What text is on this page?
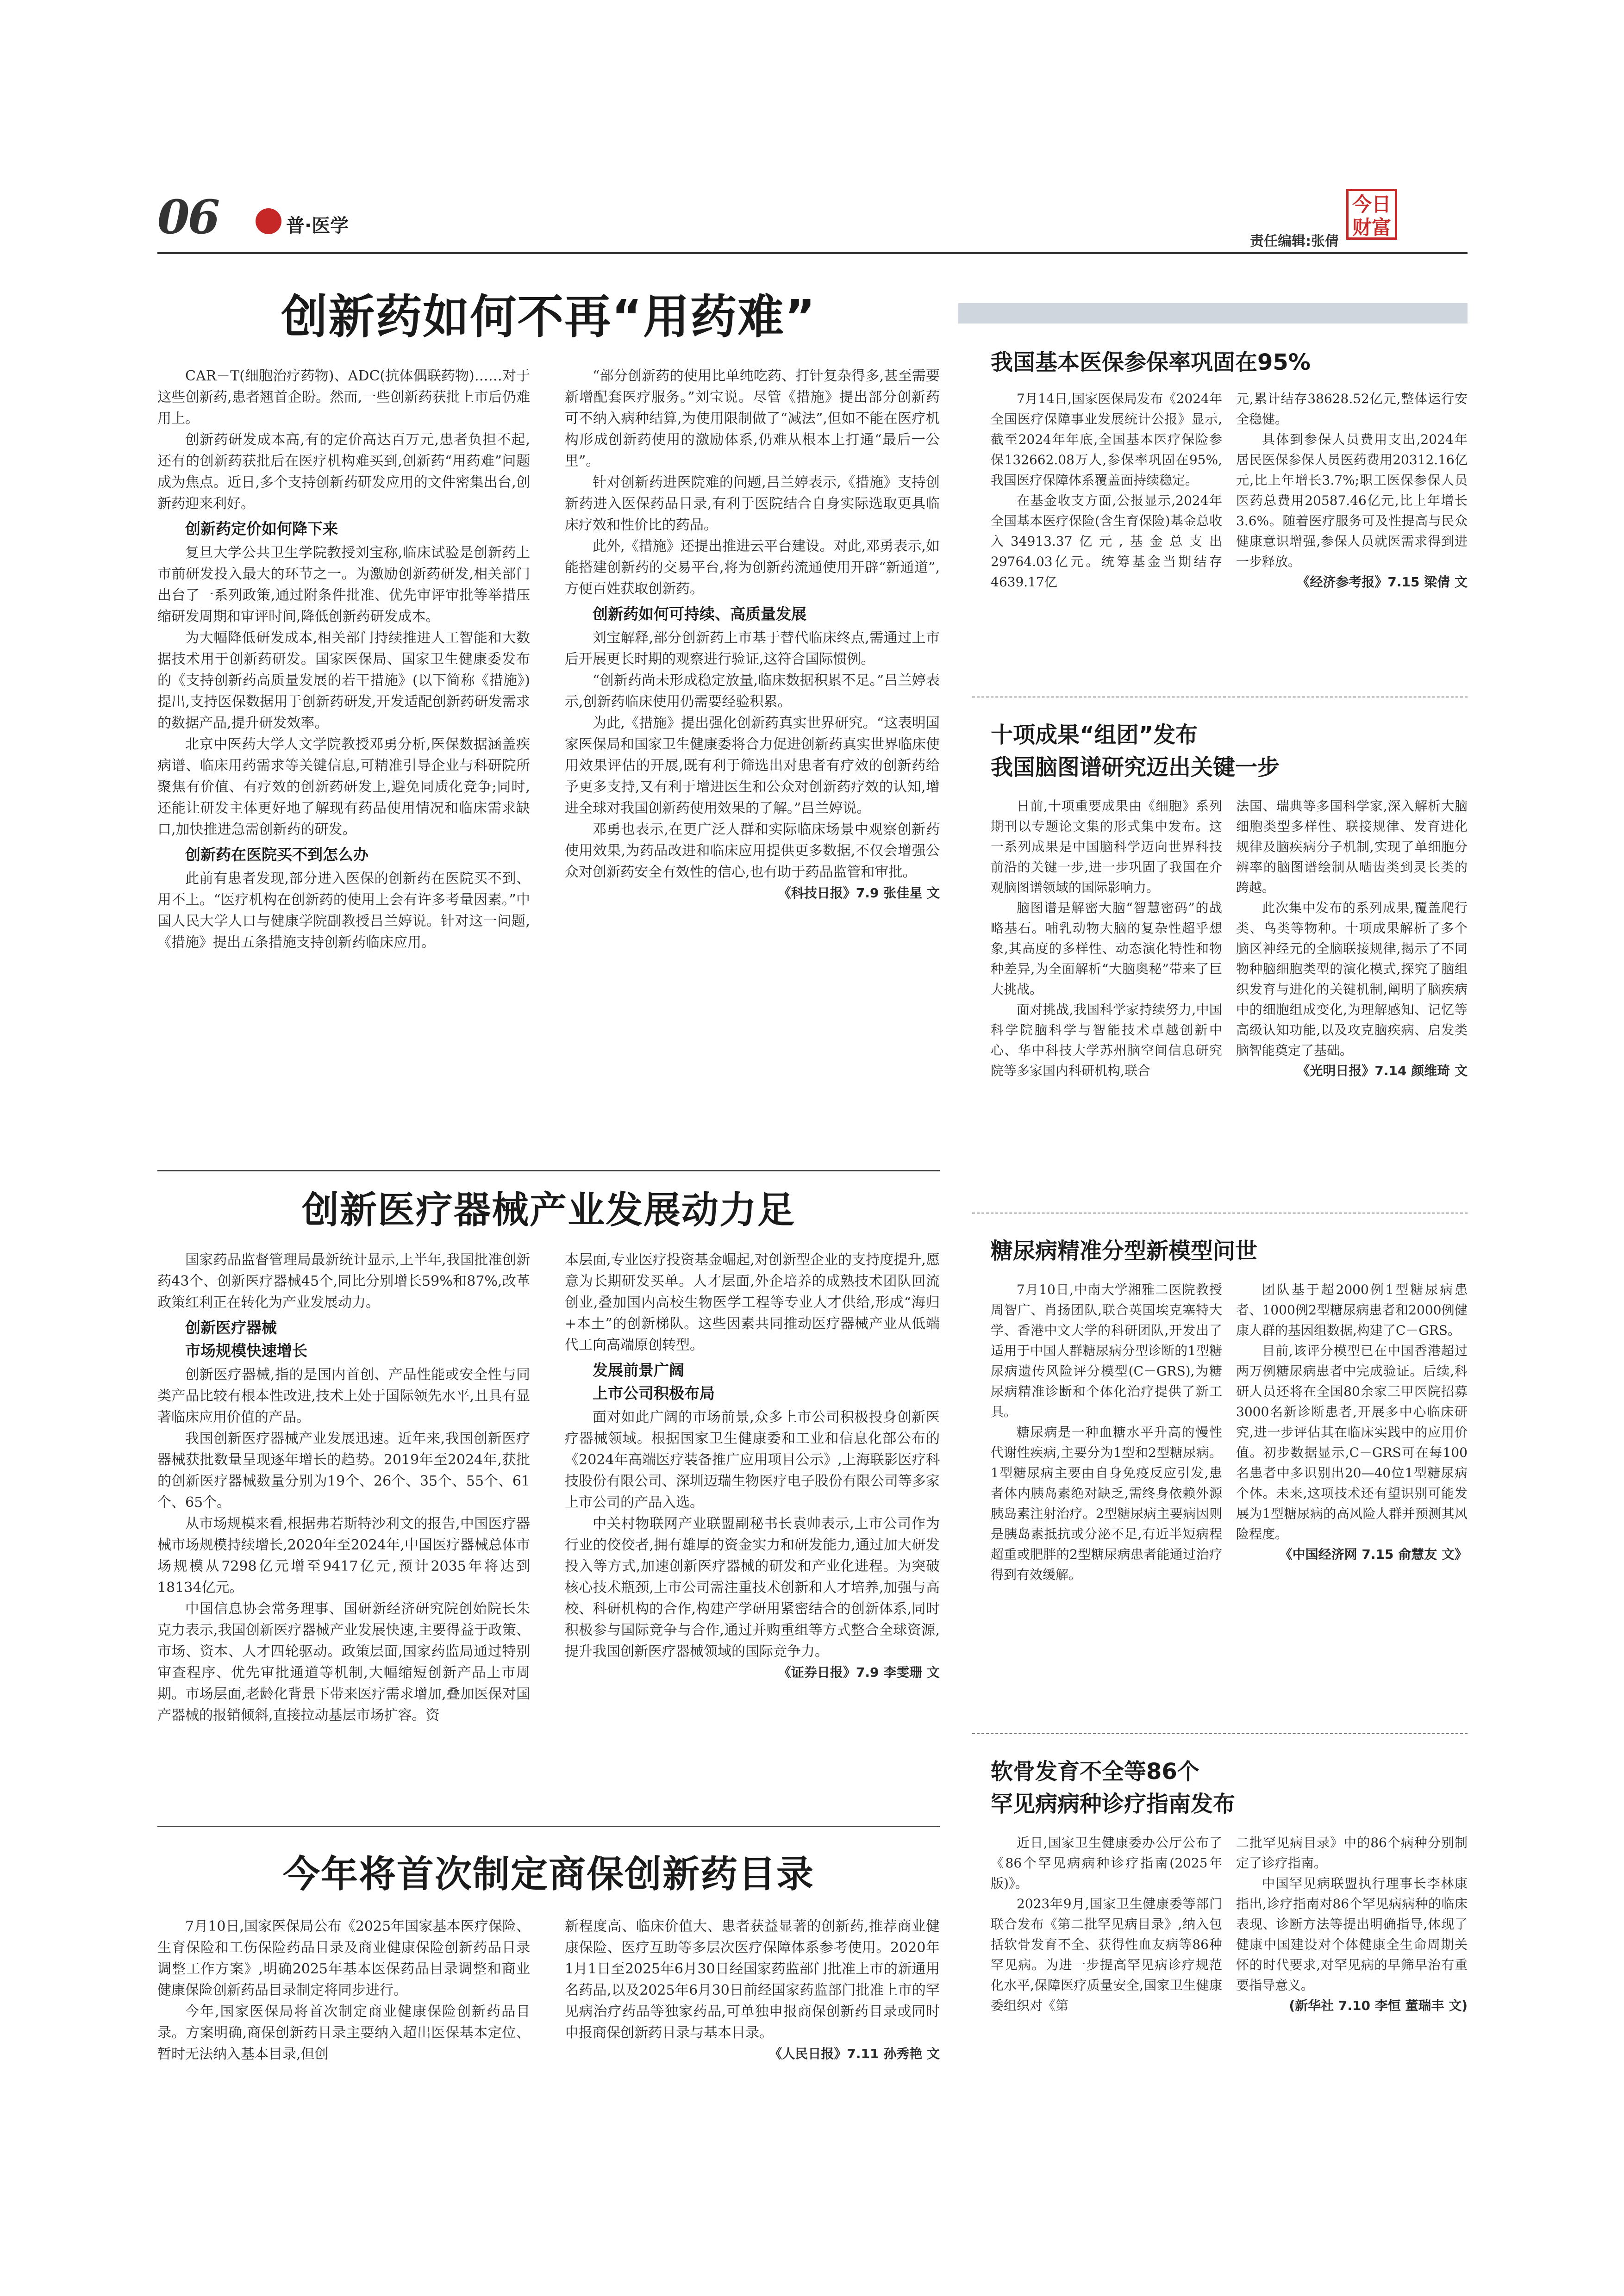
06	普·医学
责任编辑:张倩
今日财富
创新药如何不再“用药难”

CAR－T(细胞治疗药物)、ADC(抗体偶联药物)……对于这些创新药,患者翘首企盼。然而,一些创新药获批上市后仍难用上。

创新药研发成本高,有的定价高达百万元,患者负担不起,还有的创新药获批后在医疗机构难买到,创新药“用药难”问题成为焦点。近日,多个支持创新药研发应用的文件密集出台,创新药迎来利好。

创新药定价如何降下来

复旦大学公共卫生学院教授刘宝称,临床试验是创新药上市前研发投入最大的环节之一。为激励创新药研发,相关部门出台了一系列政策,通过附条件批准、优先审评审批等举措压缩研发周期和审评时间,降低创新药研发成本。

为大幅降低研发成本,相关部门持续推进人工智能和大数据技术用于创新药研发。国家医保局、国家卫生健康委发布的《支持创新药高质量发展的若干措施》(以下简称《措施》)提出,支持医保数据用于创新药研发,开发适配创新药研发需求的数据产品,提升研发效率。

北京中医药大学人文学院教授邓勇分析,医保数据涵盖疾病谱、临床用药需求等关键信息,可精准引导企业与科研院所聚焦有价值、有疗效的创新药研发上,避免同质化竞争;同时,还能让研发主体更好地了解现有药品使用情况和临床需求缺口,加快推进急需创新药的研发。

创新药在医院买不到怎么办

此前有患者发现,部分进入医保的创新药在医院买不到、用不上。“医疗机构在创新药的使用上会有许多考量因素。”中国人民大学人口与健康学院副教授吕兰婷说。针对这一问题,《措施》提出五条措施支持创新药临床应用。

“部分创新药的使用比单纯吃药、打针复杂得多,甚至需要新增配套医疗服务。”刘宝说。尽管《措施》提出部分创新药可不纳入病种结算,为使用限制做了“减法”,但如不能在医疗机构形成创新药使用的激励体系,仍难从根本上打通“最后一公里”。

针对创新药进医院难的问题,吕兰婷表示,《措施》支持创新药进入医保药品目录,有利于医院结合自身实际选取更具临床疗效和性价比的药品。

此外,《措施》还提出推进云平台建设。对此,邓勇表示,如能搭建创新药的交易平台,将为创新药流通使用开辟“新通道”,方便百姓获取创新药。

创新药如何可持续、高质量发展

刘宝解释,部分创新药上市基于替代临床终点,需通过上市后开展更长时期的观察进行验证,这符合国际惯例。

“创新药尚未形成稳定放量,临床数据积累不足。”吕兰婷表示,创新药临床使用仍需要经验积累。

为此,《措施》提出强化创新药真实世界研究。“这表明国家医保局和国家卫生健康委将合力促进创新药真实世界临床使用效果评估的开展,既有利于筛选出对患者有疗效的创新药给予更多支持,又有利于增进医生和公众对创新药疗效的认知,增进全球对我国创新药使用效果的了解。”吕兰婷说。

邓勇也表示,在更广泛人群和实际临床场景中观察创新药使用效果,为药品改进和临床应用提供更多数据,不仅会增强公众对创新药安全有效性的信心,也有助于药品监管和审批。

《科技日报》7.9 张佳星 文
创新医疗器械产业发展动力足

国家药品监督管理局最新统计显示,上半年,我国批准创新药43个、创新医疗器械45个,同比分别增长59%和87%,改革政策红利正在转化为产业发展动力。

创新医疗器械
市场规模快速增长

创新医疗器械,指的是国内首创、产品性能或安全性与同类产品比较有根本性改进,技术上处于国际领先水平,且具有显著临床应用价值的产品。

我国创新医疗器械产业发展迅速。近年来,我国创新医疗器械获批数量呈现逐年增长的趋势。2019年至2024年,获批的创新医疗器械数量分别为19个、26个、35个、55个、61个、65个。

从市场规模来看,根据弗若斯特沙利文的报告,中国医疗器械市场规模持续增长,2020年至2024年,中国医疗器械总体市场规模从7298亿元增至9417亿元,预计2035年将达到18134亿元。

中国信息协会常务理事、国研新经济研究院创始院长朱克力表示,我国创新医疗器械产业发展快速,主要得益于政策、市场、资本、人才四轮驱动。政策层面,国家药监局通过特别审查程序、优先审批通道等机制,大幅缩短创新产品上市周期。市场层面,老龄化背景下带来医疗需求增加,叠加医保对国产器械的报销倾斜,直接拉动基层市场扩容。资

本层面,专业医疗投资基金崛起,对创新型企业的支持度提升,愿意为长期研发买单。人才层面,外企培养的成熟技术团队回流创业,叠加国内高校生物医学工程等专业人才供给,形成“海归+本土”的创新梯队。这些因素共同推动医疗器械产业从低端代工向高端原创转型。

发展前景广阔
上市公司积极布局

面对如此广阔的市场前景,众多上市公司积极投身创新医疗器械领域。根据国家卫生健康委和工业和信息化部公布的《2024年高端医疗装备推广应用项目公示》,上海联影医疗科技股份有限公司、深圳迈瑞生物医疗电子股份有限公司等多家上市公司的产品入选。

中关村物联网产业联盟副秘书长袁帅表示,上市公司作为行业的佼佼者,拥有雄厚的资金实力和研发能力,通过加大研发投入等方式,加速创新医疗器械的研发和产业化进程。为突破核心技术瓶颈,上市公司需注重技术创新和人才培养,加强与高校、科研机构的合作,构建产学研用紧密结合的创新体系,同时积极参与国际竞争与合作,通过并购重组等方式整合全球资源,提升我国创新医疗器械领域的国际竞争力。

《证券日报》7.9 李雯珊 文
今年将首次制定商保创新药目录

7月10日,国家医保局公布《2025年国家基本医疗保险、生育保险和工伤保险药品目录及商业健康保险创新药品目录调整工作方案》,明确2025年基本医保药品目录调整和商业健康保险创新药品目录制定将同步进行。

今年,国家医保局将首次制定商业健康保险创新药品目录。方案明确,商保创新药目录主要纳入超出医保基本定位、暂时无法纳入基本目录,但创

新程度高、临床价值大、患者获益显著的创新药,推荐商业健康保险、医疗互助等多层次医疗保障体系参考使用。2020年1月1日至2025年6月30日经国家药监部门批准上市的新通用名药品,以及2025年6月30日前经国家药监部门批准上市的罕见病治疗药品等独家药品,可单独申报商保创新药目录或同时申报商保创新药目录与基本目录。

《人民日报》7.11 孙秀艳 文
我国基本医保参保率巩固在95%

7月14日,国家医保局发布《2024年全国医疗保障事业发展统计公报》显示,截至2024年年底,全国基本医疗保险参保132662.08万人,参保率巩固在95%,我国医疗保障体系覆盖面持续稳定。

在基金收支方面,公报显示,2024年全国基本医疗保险(含生育保险)基金总收入34913.37亿元,基金总支出29764.03亿元。统筹基金当期结存4639.17亿

元,累计结存38628.52亿元,整体运行安全稳健。

具体到参保人员费用支出,2024年居民医保参保人员医药费用20312.16亿元,比上年增长3.7%;职工医保参保人员医药总费用20587.46亿元,比上年增长3.6%。随着医疗服务可及性提高与民众健康意识增强,参保人员就医需求得到进一步释放。

《经济参考报》7.15 梁倩 文
十项成果“组团”发布
我国脑图谱研究迈出关键一步

日前,十项重要成果由《细胞》系列期刊以专题论文集的形式集中发布。这一系列成果是中国脑科学迈向世界科技前沿的关键一步,进一步巩固了我国在介观脑图谱领域的国际影响力。

脑图谱是解密大脑“智慧密码”的战略基石。哺乳动物大脑的复杂性超乎想象,其高度的多样性、动态演化特性和物种差异,为全面解析“大脑奥秘”带来了巨大挑战。

面对挑战,我国科学家持续努力,中国科学院脑科学与智能技术卓越创新中心、华中科技大学苏州脑空间信息研究院等多家国内科研机构,联合

法国、瑞典等多国科学家,深入解析大脑细胞类型多样性、联接规律、发育进化规律及脑疾病分子机制,实现了单细胞分辨率的脑图谱绘制从啮齿类到灵长类的跨越。

此次集中发布的系列成果,覆盖爬行类、鸟类等物种。十项成果解析了多个脑区神经元的全脑联接规律,揭示了不同物种脑细胞类型的演化模式,探究了脑组织发育与进化的关键机制,阐明了脑疾病中的细胞组成变化,为理解感知、记忆等高级认知功能,以及攻克脑疾病、启发类脑智能奠定了基础。

《光明日报》7.14 颜维琦 文
糖尿病精准分型新模型问世

7月10日,中南大学湘雅二医院教授周智广、肖扬团队,联合英国埃克塞特大学、香港中文大学的科研团队,开发出了适用于中国人群糖尿病分型诊断的1型糖尿病遗传风险评分模型(C－GRS),为糖尿病精准诊断和个体化治疗提供了新工具。

糖尿病是一种血糖水平升高的慢性代谢性疾病,主要分为1型和2型糖尿病。1型糖尿病主要由自身免疫反应引发,患者体内胰岛素绝对缺乏,需终身依赖外源胰岛素注射治疗。2型糖尿病主要病因则是胰岛素抵抗或分泌不足,有近半短病程超重或肥胖的2型糖尿病患者能通过治疗得到有效缓解。

团队基于超2000例1型糖尿病患者、1000例2型糖尿病患者和2000例健康人群的基因组数据,构建了C－GRS。

目前,该评分模型已在中国香港超过两万例糖尿病患者中完成验证。后续,科研人员还将在全国80余家三甲医院招募3000名新诊断患者,开展多中心临床研究,进一步评估其在临床实践中的应用价值。初步数据显示,C－GRS可在每100名患者中多识别出20—40位1型糖尿病个体。未来,这项技术还有望识别可能发展为1型糖尿病的高风险人群并预测其风险程度。

《中国经济网 7.15 俞慧友 文》
软骨发育不全等86个
罕见病病种诊疗指南发布

近日,国家卫生健康委办公厅公布了《86个罕见病病种诊疗指南(2025年版)》。

2023年9月,国家卫生健康委等部门联合发布《第二批罕见病目录》,纳入包括软骨发育不全、获得性血友病等86种罕见病。为进一步提高罕见病诊疗规范化水平,保障医疗质量安全,国家卫生健康委组织对《第

二批罕见病目录》中的86个病种分别制定了诊疗指南。

中国罕见病联盟执行理事长李林康指出,诊疗指南对86个罕见病病种的临床表现、诊断方法等提出明确指导,体现了健康中国建设对个体健康全生命周期关怀的时代要求,对罕见病的早筛早治有重要指导意义。

(新华社 7.10 李恒 董瑞丰 文)
